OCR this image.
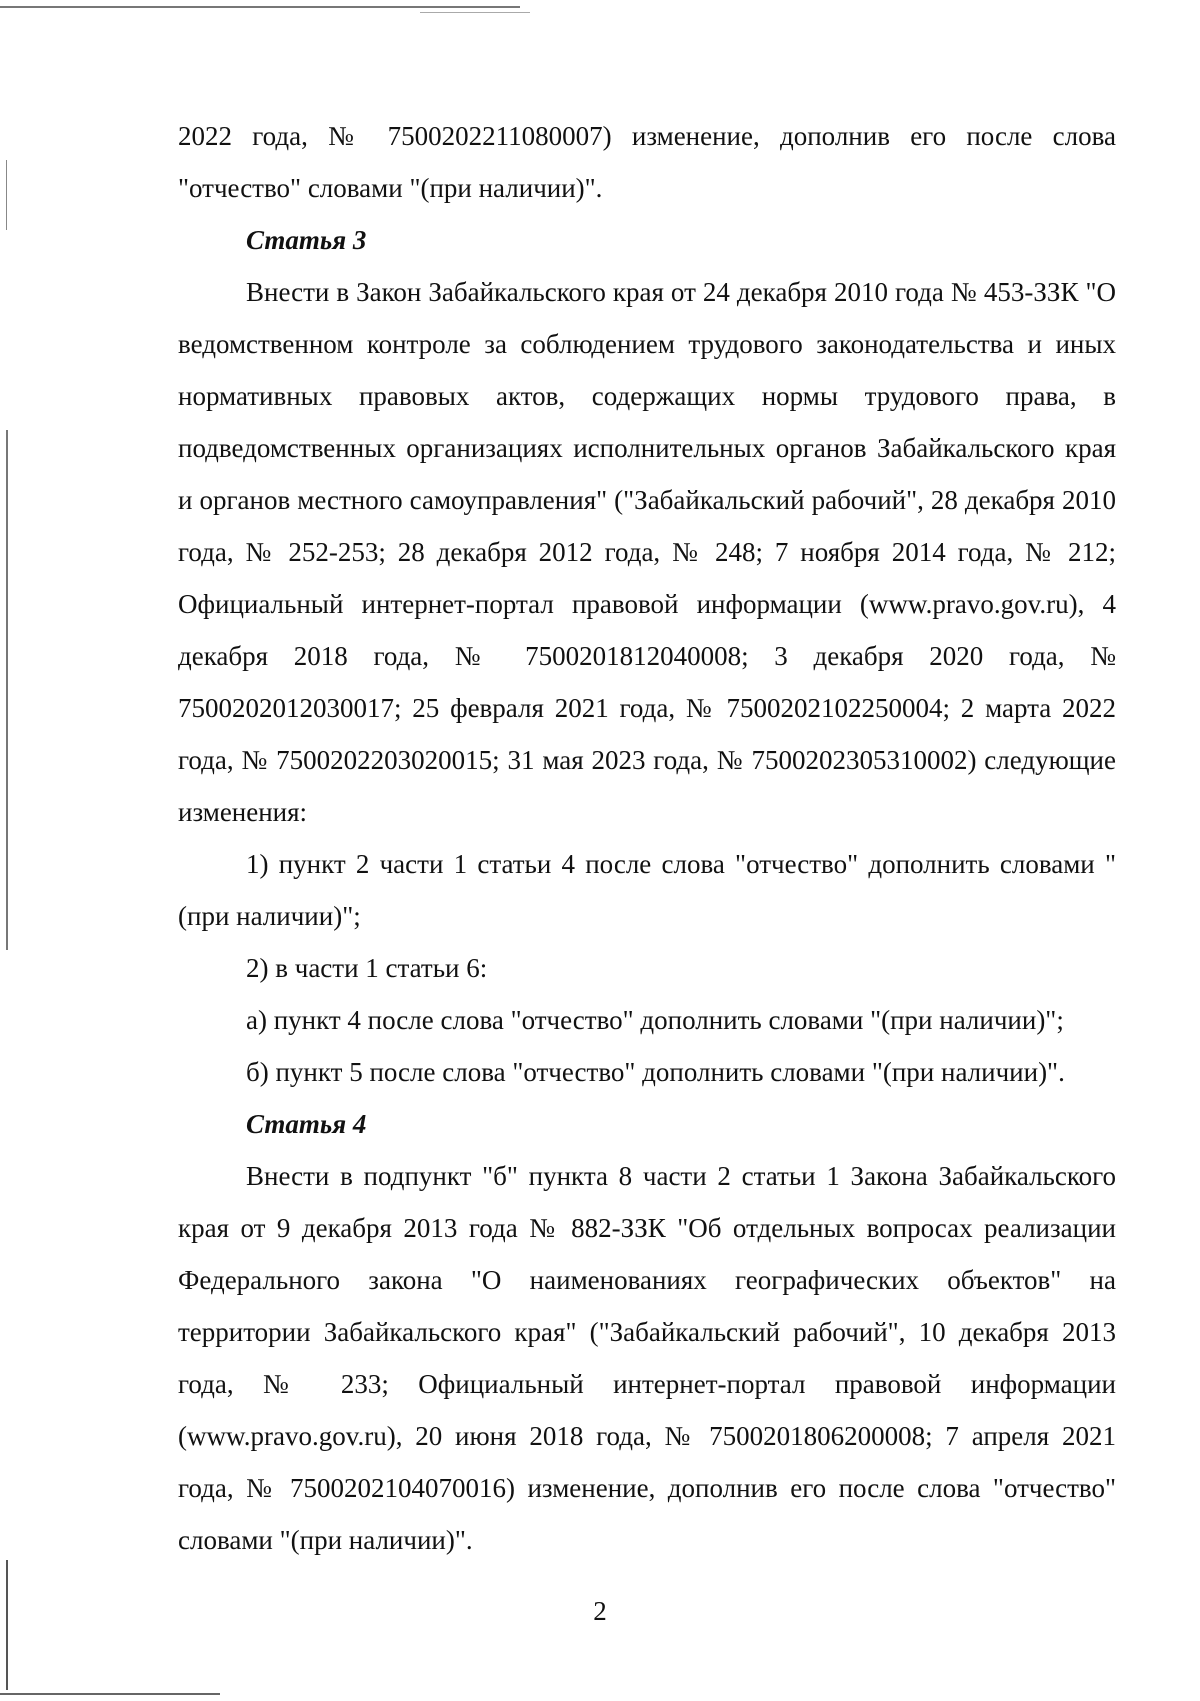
2022 года, № 7500202211080007) изменение, дополнив его после слова "отчество" словами "(при наличии)".

Статья 3

Внести в Закон Забайкальского края от 24 декабря 2010 года № 453-ЗЗК "О ведомственном контроле за соблюдением трудового законодательства и иных нормативных правовых актов, содержащих нормы трудового права, в подведомственных организациях исполнительных органов Забайкальского края и органов местного самоуправления" ("Забайкальский рабочий", 28 декабря 2010 года, № 252-253; 28 декабря 2012 года, № 248; 7 ноября 2014 года, № 212; Официальный интернет-портал правовой информации (www.pravo.gov.ru), 4 декабря 2018 года, № 7500201812040008; 3 декабря 2020 года, № 7500202012030017; 25 февраля 2021 года, № 7500202102250004; 2 марта 2022 года, № 7500202203020015; 31 мая 2023 года, № 7500202305310002) следующие изменения:

1) пункт 2 части 1 статьи 4 после слова "отчество" дополнить словами "(при наличии)";

2) в части 1 статьи 6:

а) пункт 4 после слова "отчество" дополнить словами "(при наличии)";

б) пункт 5 после слова "отчество" дополнить словами "(при наличии)".

Статья 4

Внести в подпункт "б" пункта 8 части 2 статьи 1 Закона Забайкальского края от 9 декабря 2013 года № 882-ЗЗК "Об отдельных вопросах реализации Федерального закона "О наименованиях географических объектов" на территории Забайкальского края" ("Забайкальский рабочий", 10 декабря 2013 года, № 233; Официальный интернет-портал правовой информации (www.pravo.gov.ru), 20 июня 2018 года, № 7500201806200008; 7 апреля 2021 года, № 7500202104070016) изменение, дополнив его после слова "отчество" словами "(при наличии)".

2
